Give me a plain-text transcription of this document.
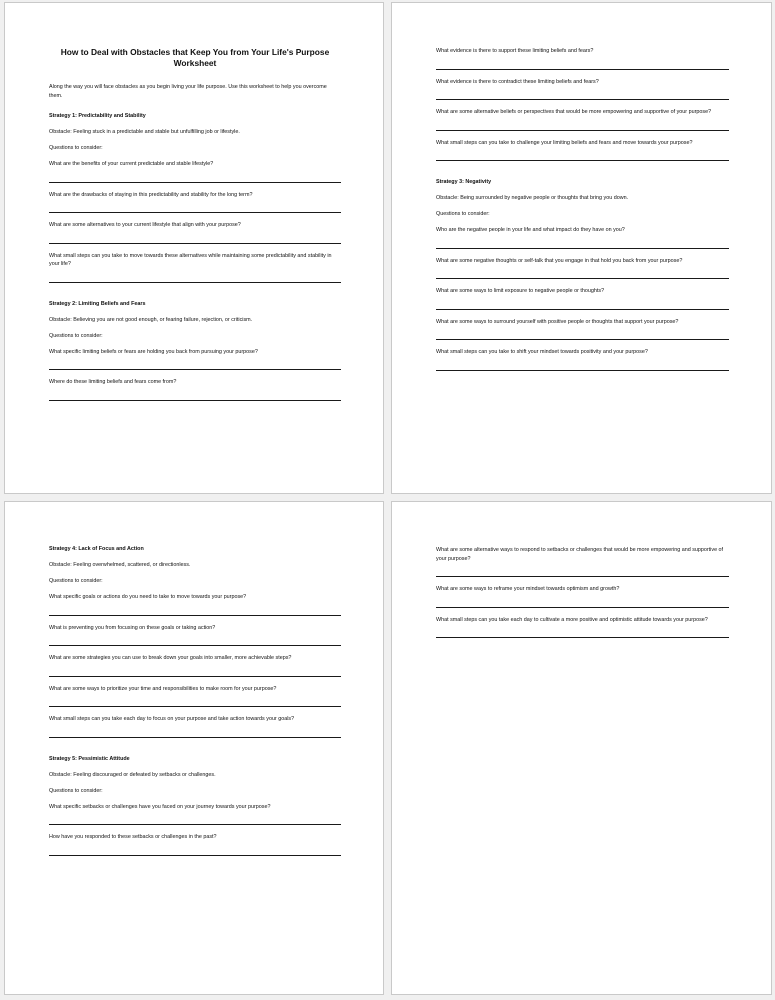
How to Deal with Obstacles that Keep You from Your Life's Purpose Worksheet

Along the way you will face obstacles as you begin living your life purpose. Use this worksheet to help you overcome them.

Strategy 1: Predictability and Stability
Obstacle: Feeling stuck in a predictable and stable but unfulfilling job or lifestyle.
Questions to consider:

What are the benefits of your current predictable and stable lifestyle?

What are the drawbacks of staying in this predictability and stability for the long term?

What are some alternatives to your current lifestyle that align with your purpose?

What small steps can you take to move towards these alternatives while maintaining some predictability and stability in your life?

Strategy 2: Limiting Beliefs and Fears
Obstacle: Believing you are not good enough, or fearing failure, rejection, or criticism.
Questions to consider:

What specific limiting beliefs or fears are holding you back from pursuing your purpose?

Where do these limiting beliefs and fears come from?

What evidence is there to support these limiting beliefs and fears?

What evidence is there to contradict these limiting beliefs and fears?

What are some alternative beliefs or perspectives that would be more empowering and supportive of your purpose?

What small steps can you take to challenge your limiting beliefs and fears and move towards your purpose?

Strategy 3: Negativity
Obstacle: Being surrounded by negative people or thoughts that bring you down.
Questions to consider:

Who are the negative people in your life and what impact do they have on you?

What are some negative thoughts or self-talk that you engage in that hold you back from your purpose?

What are some ways to limit exposure to negative people or thoughts?

What are some ways to surround yourself with positive people or thoughts that support your purpose?

What small steps can you take to shift your mindset towards positivity and your purpose?

Strategy 4: Lack of Focus and Action
Obstacle: Feeling overwhelmed, scattered, or directionless.
Questions to consider:

What specific goals or actions do you need to take to move towards your purpose?

What is preventing you from focusing on these goals or taking action?

What are some strategies you can use to break down your goals into smaller, more achievable steps?

What are some ways to prioritize your time and responsibilities to make room for your purpose?

What small steps can you take each day to focus on your purpose and take action towards your goals?

Strategy 5: Pessimistic Attitude
Obstacle: Feeling discouraged or defeated by setbacks or challenges.
Questions to consider:

What specific setbacks or challenges have you faced on your journey towards your purpose?

How have you responded to these setbacks or challenges in the past?

What are some alternative ways to respond to setbacks or challenges that would be more empowering and supportive of your purpose?

What are some ways to reframe your mindset towards optimism and growth?

What small steps can you take each day to cultivate a more positive and optimistic attitude towards your purpose?
